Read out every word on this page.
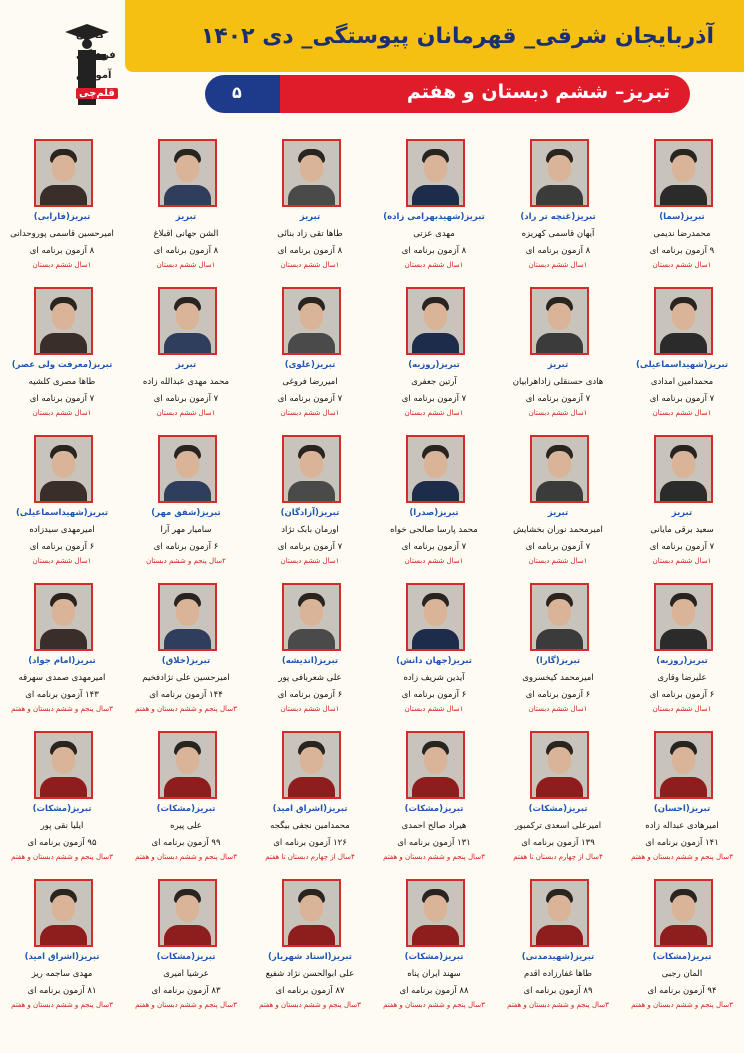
آذربایجان شرقی_ قهرمانان پیوستگی_ دی ۱۴۰۲
تبریز– ششم دبستان و هفتم
۵
کانون
فرهنگی
آموزش
قلم‌چی
تبریز(سما)
محمدرضا ندیمی
۹ آزمون برنامه ای
۱سال ششم دبستان
تبریز(غنچه تر راد)
آیهان قاسمی کهریزه
۸ آزمون برنامه ای
۱سال ششم دبستان
تبریز(شهیدبهرامی زاده)
مهدی عزتی
۸ آزمون برنامه ای
۱سال ششم دبستان
تبریز
طاها تقی زاد بنائی
۸ آزمون برنامه ای
۱سال ششم دبستان
تبریز
الشن جهانی اقبلاغ
۸ آزمون برنامه ای
۱سال ششم دبستان
تبریز(فارابی)
امیرحسین قاسمی پوروحدانی
۸ آزمون برنامه ای
۱سال ششم دبستان
تبریز(شهیداسماعیلی)
محمدامین امدادی
۷ آزمون برنامه ای
۱سال ششم دبستان
تبریز
هادی حسنقلی زاداهرابیان
۷ آزمون برنامه ای
۱سال ششم دبستان
تبریز(روزبه)
آرتین جعفری
۷ آزمون برنامه ای
۱سال ششم دبستان
تبریز(علوی)
امیررضا فروغی
۷ آزمون برنامه ای
۱سال ششم دبستان
تبریز
محمد مهدی عبدالله زاده
۷ آزمون برنامه ای
۱سال ششم دبستان
تبریز(معرفت ولی عصر)
طاها مصری کلشیه
۷ آزمون برنامه ای
۱سال ششم دبستان
تبریز
سعید برقی مایانی
۷ آزمون برنامه ای
۱سال ششم دبستان
تبریز
امیرمحمد نوران بخشایش
۷ آزمون برنامه ای
۱سال ششم دبستان
تبریز(صدرا)
محمد پارسا صالحی خواه
۷ آزمون برنامه ای
۱سال ششم دبستان
تبریز(آزادگان)
اورمان بابک نژاد
۷ آزمون برنامه ای
۱سال ششم دبستان
تبریز(شفق مهر)
سامیار مهر آرا
۶ آزمون برنامه ای
۲سال پنجم و ششم دبستان
تبریز(شهیداسماعیلی)
امیرمهدی سیدزاده
۶ آزمون برنامه ای
۱سال ششم دبستان
تبریز(روزبه)
علیرضا وقاری
۶ آزمون برنامه ای
۱سال ششم دبستان
تبریز(گارا)
امیرمحمد کیخسروی
۶ آزمون برنامه ای
۱سال ششم دبستان
تبریز(جهان دانش)
آیدین شریف زاده
۶ آزمون برنامه ای
۱سال ششم دبستان
تبریز(اندیشه)
علی شعربافی پور
۶ آزمون برنامه ای
۱سال ششم دبستان
تبریز(خلاق)
امیرحسین علی نژادفخیم
۱۴۴ آزمون برنامه ای
۳سال پنجم و ششم دبستان و هفتم
تبریز(امام جواد)
امیرمهدی صمدی سهرقه
۱۴۳ آزمون برنامه ای
۳سال پنجم و ششم دبستان و هفتم
تبریز(احسان)
امیرهادی عبداله زاده
۱۴۱ آزمون برنامه ای
۳سال پنجم و ششم دبستان و هفتم
تبریز(مشکات)
امیرعلی اسعدی ترکمبور
۱۳۹ آزمون برنامه ای
۴سال از چهارم دبستان تا هفتم
تبریز(مشکات)
هیراد صالح احمدی
۱۳۱ آزمون برنامه ای
۳سال پنجم و ششم دبستان و هفتم
تبریز(اشراق امید)
محمدامین نجفی بیگجه
۱۲۶ آزمون برنامه ای
۴سال از چهارم دبستان تا هفتم
تبریز(مشکات)
علی پیره
۹۹ آزمون برنامه ای
۳سال پنجم و ششم دبستان و هفتم
تبریز(مشکات)
ایلیا نقی پور
۹۵ آزمون برنامه ای
۳سال پنجم و ششم دبستان و هفتم
تبریز(مشکات)
المان رجبی
۹۴ آزمون برنامه ای
۳سال پنجم و ششم دبستان و هفتم
تبریز(شهیدمدنی)
طاها غفارزاده اقدم
۸۹ آزمون برنامه ای
۳سال پنجم و ششم دبستان و هفتم
تبریز(مشکات)
سهند ایران پناه
۸۸ آزمون برنامه ای
۳سال پنجم و ششم دبستان و هفتم
تبریز(استاد شهریار)
علی ابوالحسن نژاد شفیع
۸۷ آزمون برنامه ای
۳سال پنجم و ششم دبستان و هفتم
تبریز(مشکات)
عرشیا امیری
۸۳ آزمون برنامه ای
۳سال پنجم و ششم دبستان و هفتم
تبریز(اشراق امید)
مهدی ساجمه ریز
۸۱ آزمون برنامه ای
۳سال پنجم و ششم دبستان و هفتم
